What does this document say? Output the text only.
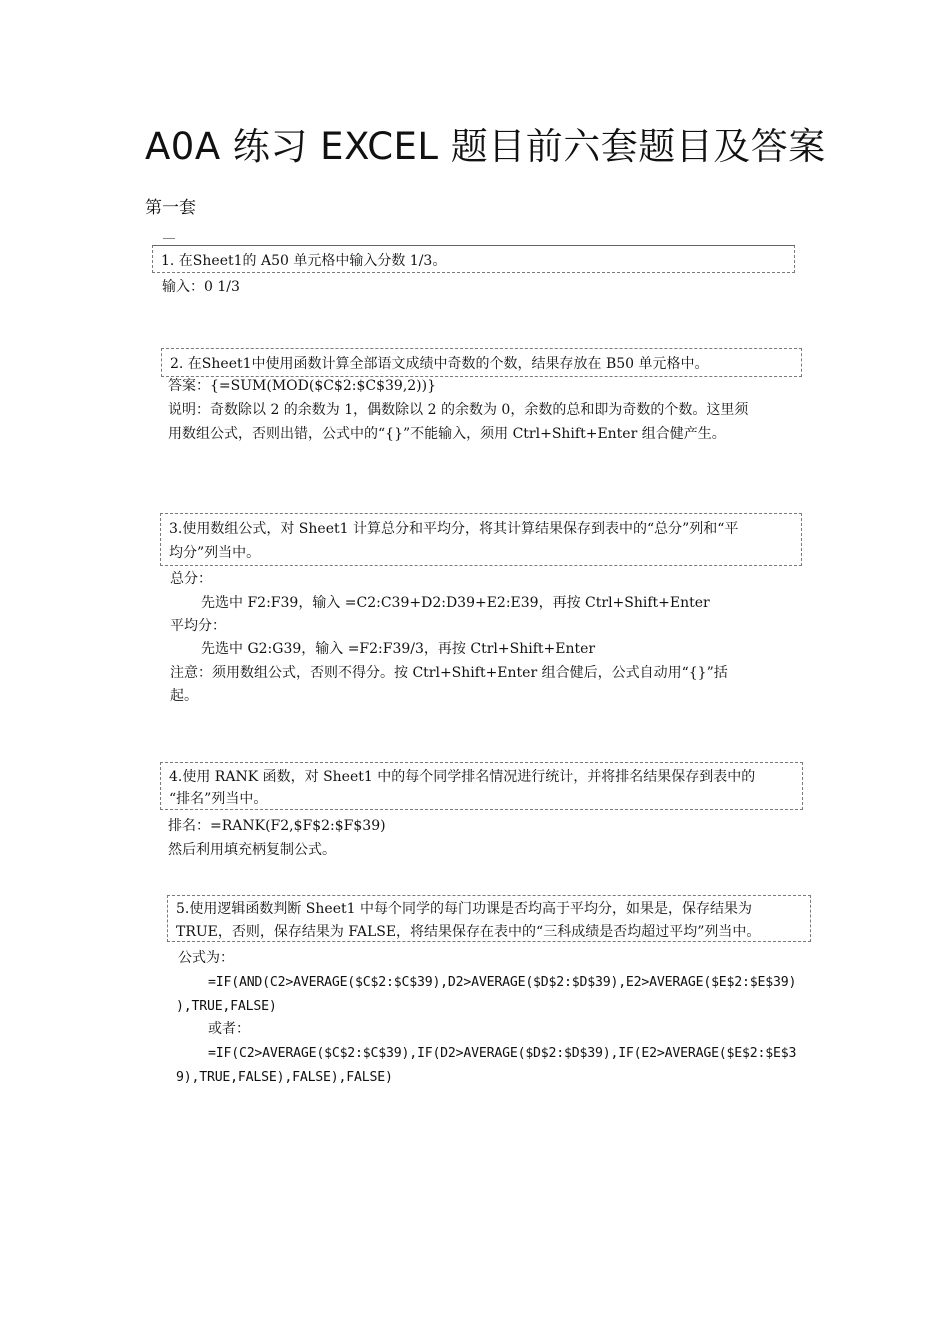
A0A 练习 EXCEL 题目前六套题目及答案
第一套
1. 在Sheet1的 A50 单元格中输入分数 1/3。
输入：0 1/3
2. 在Sheet1中使用函数计算全部语文成绩中奇数的个数，结果存放在 B50 单元格中。
答案：{=SUM(MOD($C$2:$C$39,2))}
说明：奇数除以 2 的余数为 1，偶数除以 2 的余数为 0，余数的总和即为奇数的个数。这里须
用数组公式，否则出错，公式中的“{}”不能输入，须用 Ctrl+Shift+Enter 组合健产生。
3.使用数组公式，对 Sheet1 计算总分和平均分，将其计算结果保存到表中的“总分”列和“平
均分”列当中。
总分：
先选中 F2:F39，输入 =C2:C39+D2:D39+E2:E39，再按 Ctrl+Shift+Enter
平均分：
先选中 G2:G39，输入 =F2:F39/3，再按 Ctrl+Shift+Enter
注意：须用数组公式，否则不得分。按 Ctrl+Shift+Enter 组合健后，公式自动用“{}”括
起。
4.使用 RANK 函数，对 Sheet1 中的每个同学排名情况进行统计，并将排名结果保存到表中的
“排名”列当中。
排名：=RANK(F2,$F$2:$F$39)
然后利用填充柄复制公式。
5.使用逻辑函数判断 Sheet1 中每个同学的每门功课是否均高于平均分，如果是，保存结果为
TRUE，否则，保存结果为 FALSE，将结果保存在表中的“三科成绩是否均超过平均”列当中。
公式为：
=IF(AND(C2>AVERAGE($C$2:$C$39),D2>AVERAGE($D$2:$D$39),E2>AVERAGE($E$2:$E$39)
),TRUE,FALSE)
或者：
=IF(C2>AVERAGE($C$2:$C$39),IF(D2>AVERAGE($D$2:$D$39),IF(E2>AVERAGE($E$2:$E$3
9),TRUE,FALSE),FALSE),FALSE)
